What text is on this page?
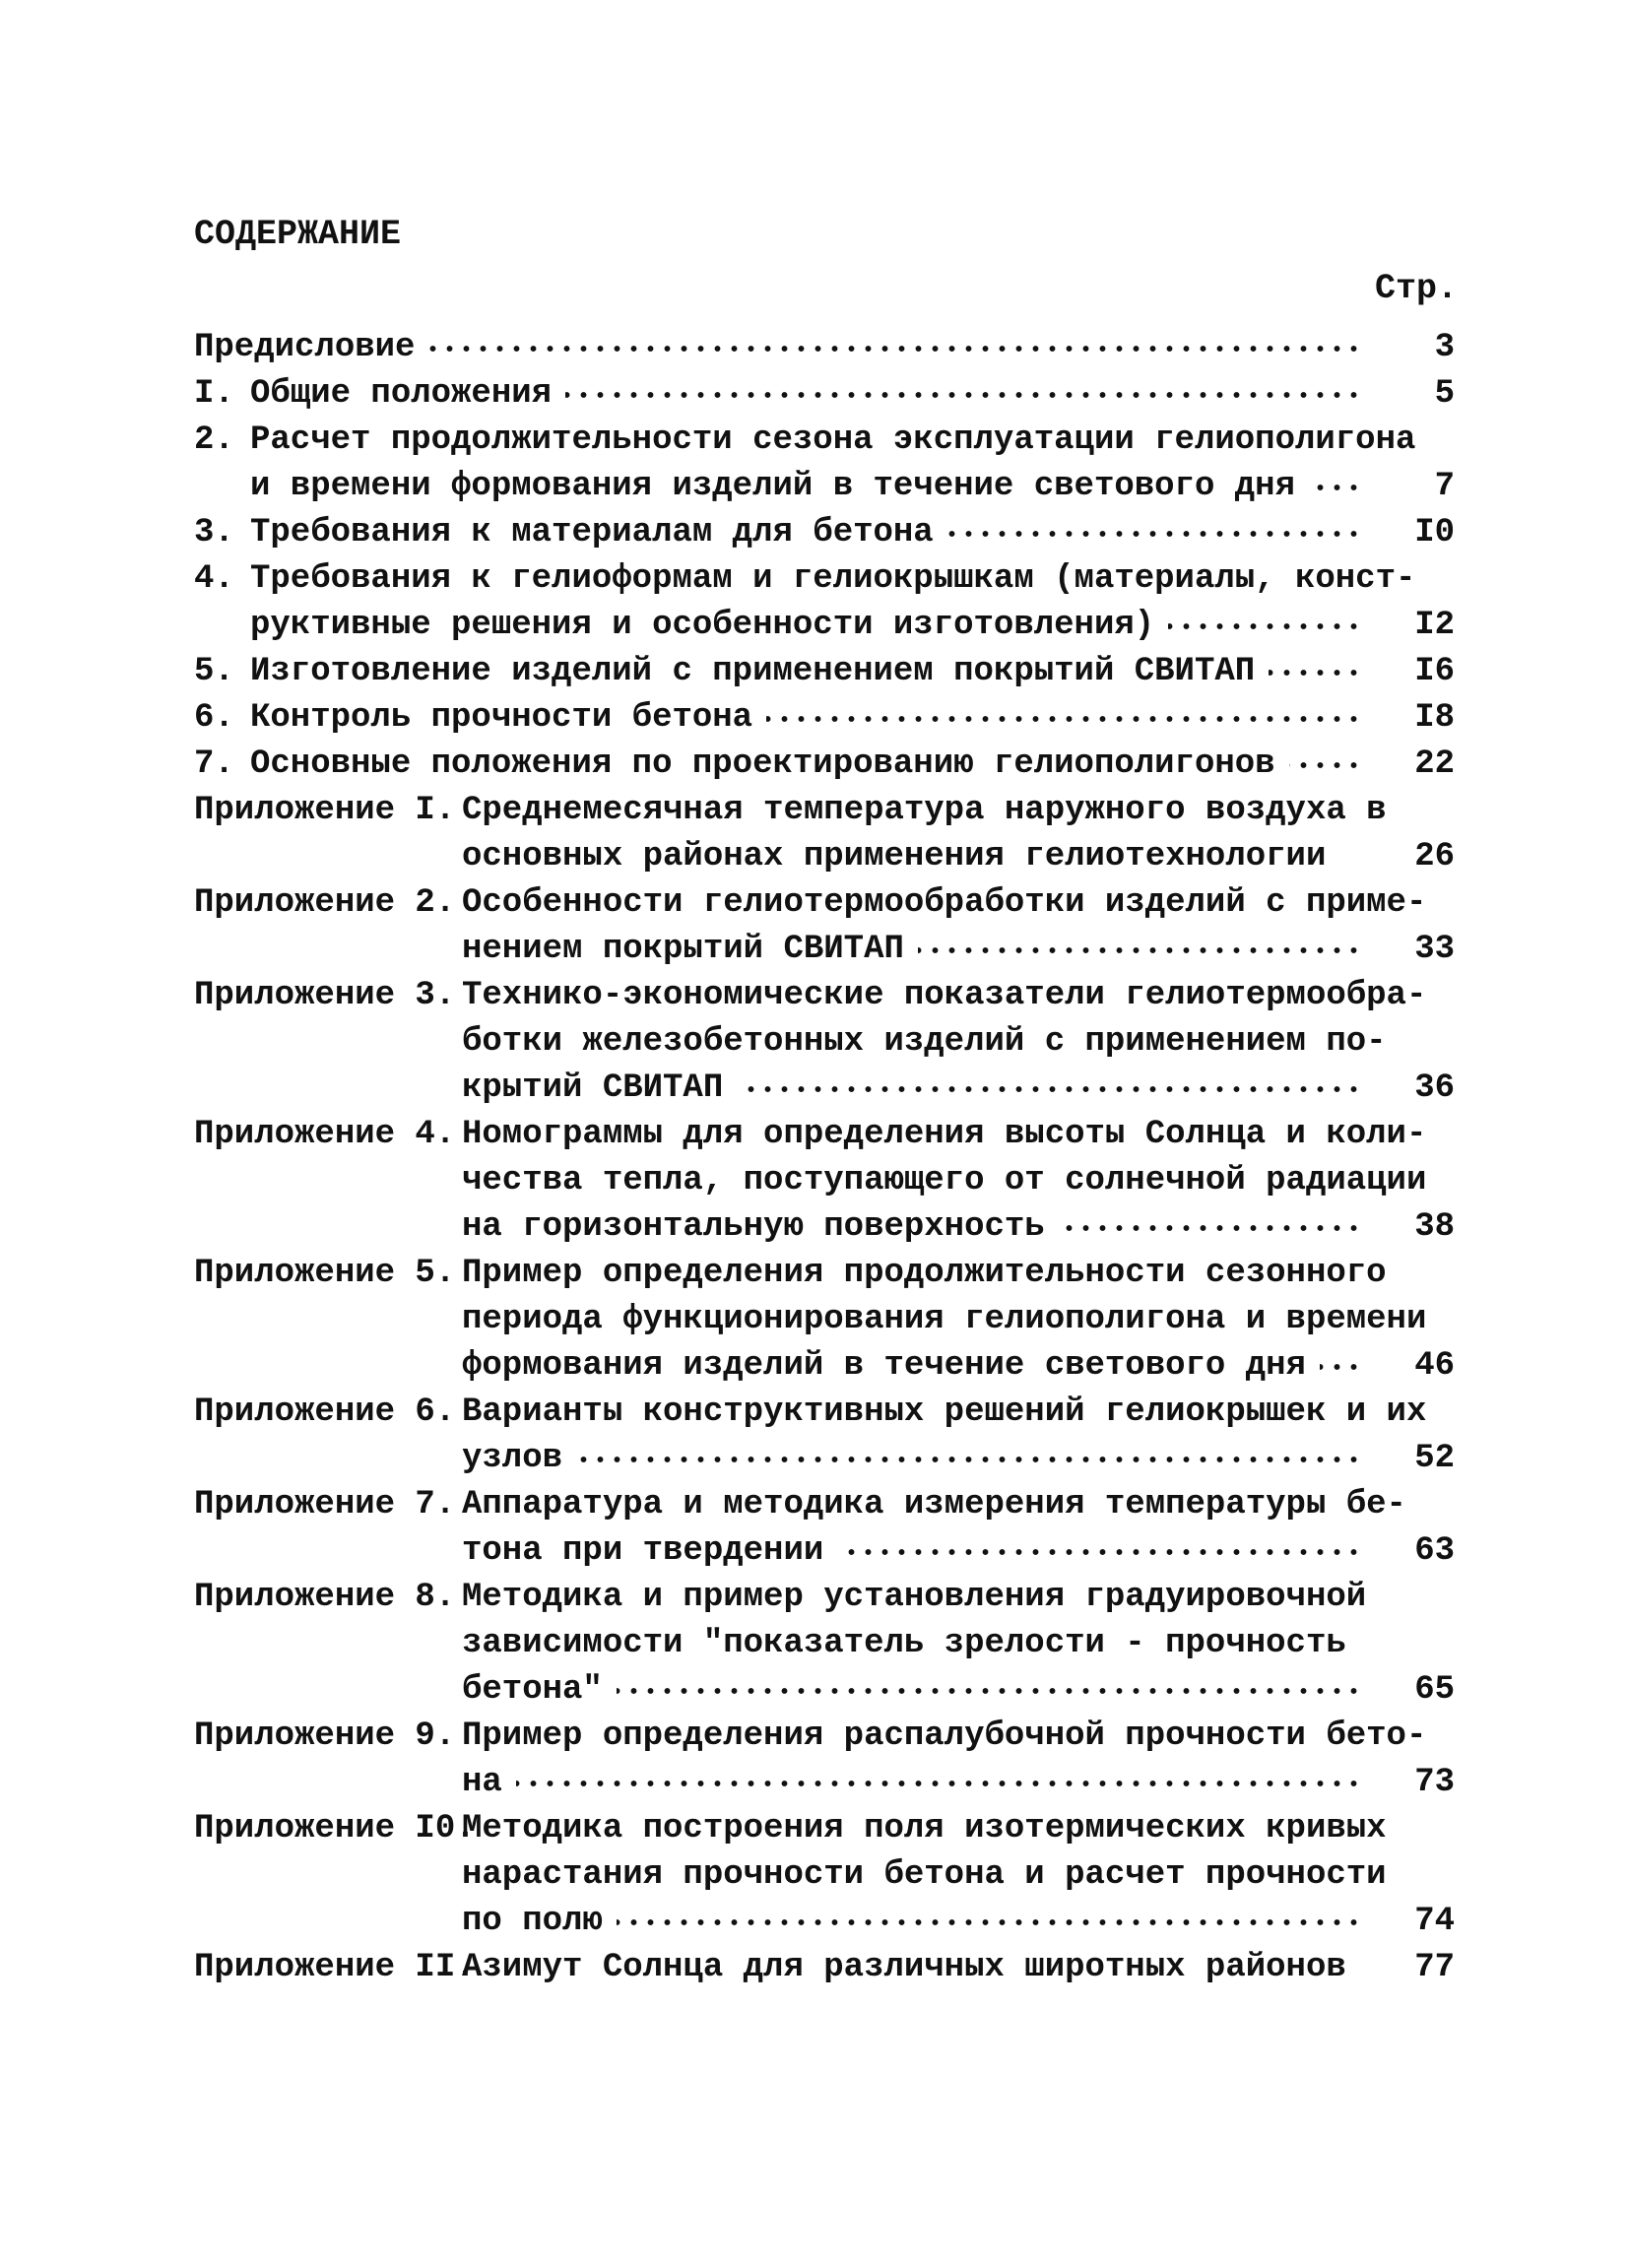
СОДЕРЖАНИЕ
Стр.
Предисловие	3
I. Общие положения	5
2. Расчет продолжительности сезона эксплуатации гелиополигона
и времени формования изделий в течение светового дня	7
3. Требования к материалам для бетона	I0
4. Требования к гелиоформам и гелиокрышкам (материалы, конст-
руктивные решения и особенности изготовления)	I2
5. Изготовление изделий с применением покрытий СВИТАП	I6
6. Контроль прочности бетона	I8
7. Основные положения по проектированию гелиополигонов	22
Приложение I. Среднемесячная температура наружного воздуха в
основных районах применения гелиотехнологии	26
Приложение 2. Особенности гелиотермообработки изделий с приме-
нением покрытий СВИТАП	33
Приложение 3. Технико-экономические показатели гелиотермообра-
ботки железобетонных изделий с применением по-
крытий СВИТАП	36
Приложение 4. Номограммы для определения высоты Солнца и коли-
чества тепла, поступающего от солнечной радиации
на горизонтальную поверхность	38
Приложение 5. Пример определения продолжительности сезонного
периода функционирования гелиополигона и времени
формования изделий в течение светового дня	46
Приложение 6. Варианты конструктивных решений гелиокрышек и их
узлов	52
Приложение 7. Аппаратура и методика измерения температуры бе-
тона при твердении	63
Приложение 8. Методика и пример установления градуировочной
зависимости "показатель зрелости - прочность
бетона"	65
Приложение 9. Пример определения распалубочной прочности бето-
на	73
Приложение I0.
Методика построения поля изотермических кривых
нарастания прочности бетона и расчет прочности
по полю	74
Приложение II.
Азимут Солнца для различных широтных районов	77
